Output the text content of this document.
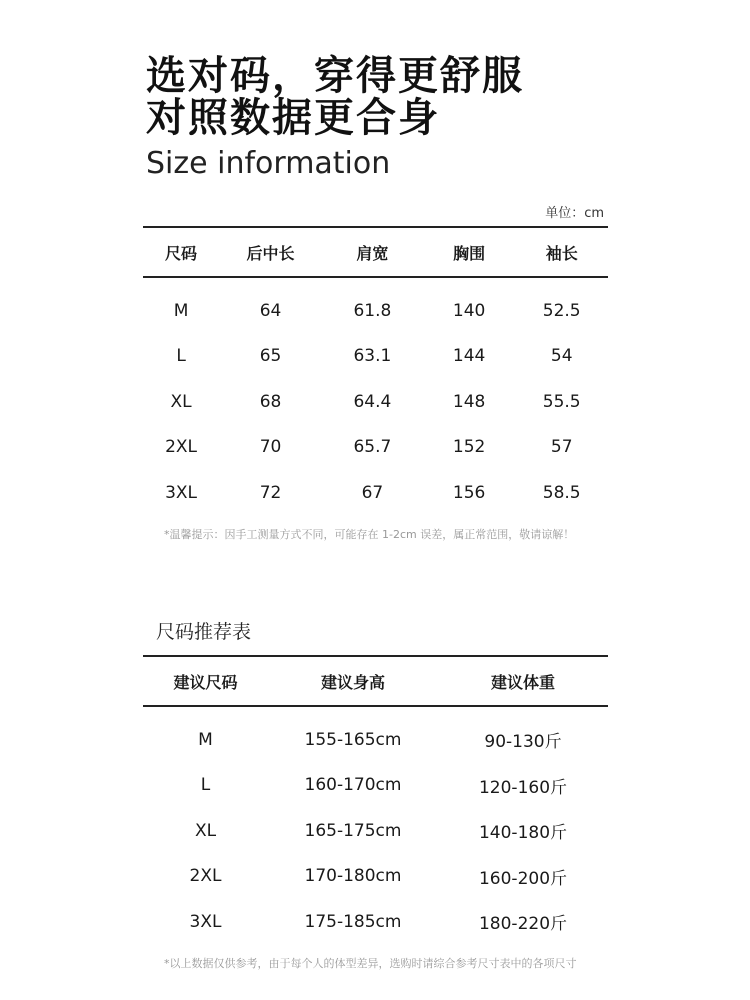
选对码，穿得更舒服
对照数据更合身
Size information
单位：cm
尺码	后中长	肩宽	胸围	袖长
M	64	61.8	140	52.5
L	65	63.1	144	54
XL	68	64.4	148	55.5
2XL	70	65.7	152	57
3XL	72	67	156	58.5
*温馨提示：因手工测量方式不同，可能存在 1-2cm 误差，属正常范围，敬请谅解！
尺码推荐表
建议尺码	建议身高	建议体重
M	155-165cm	90-130斤
L	160-170cm	120-160斤
XL	165-175cm	140-180斤
2XL	170-180cm	160-200斤
3XL	175-185cm	180-220斤
*以上数据仅供参考，由于每个人的体型差异，选购时请综合参考尺寸表中的各项尺寸
